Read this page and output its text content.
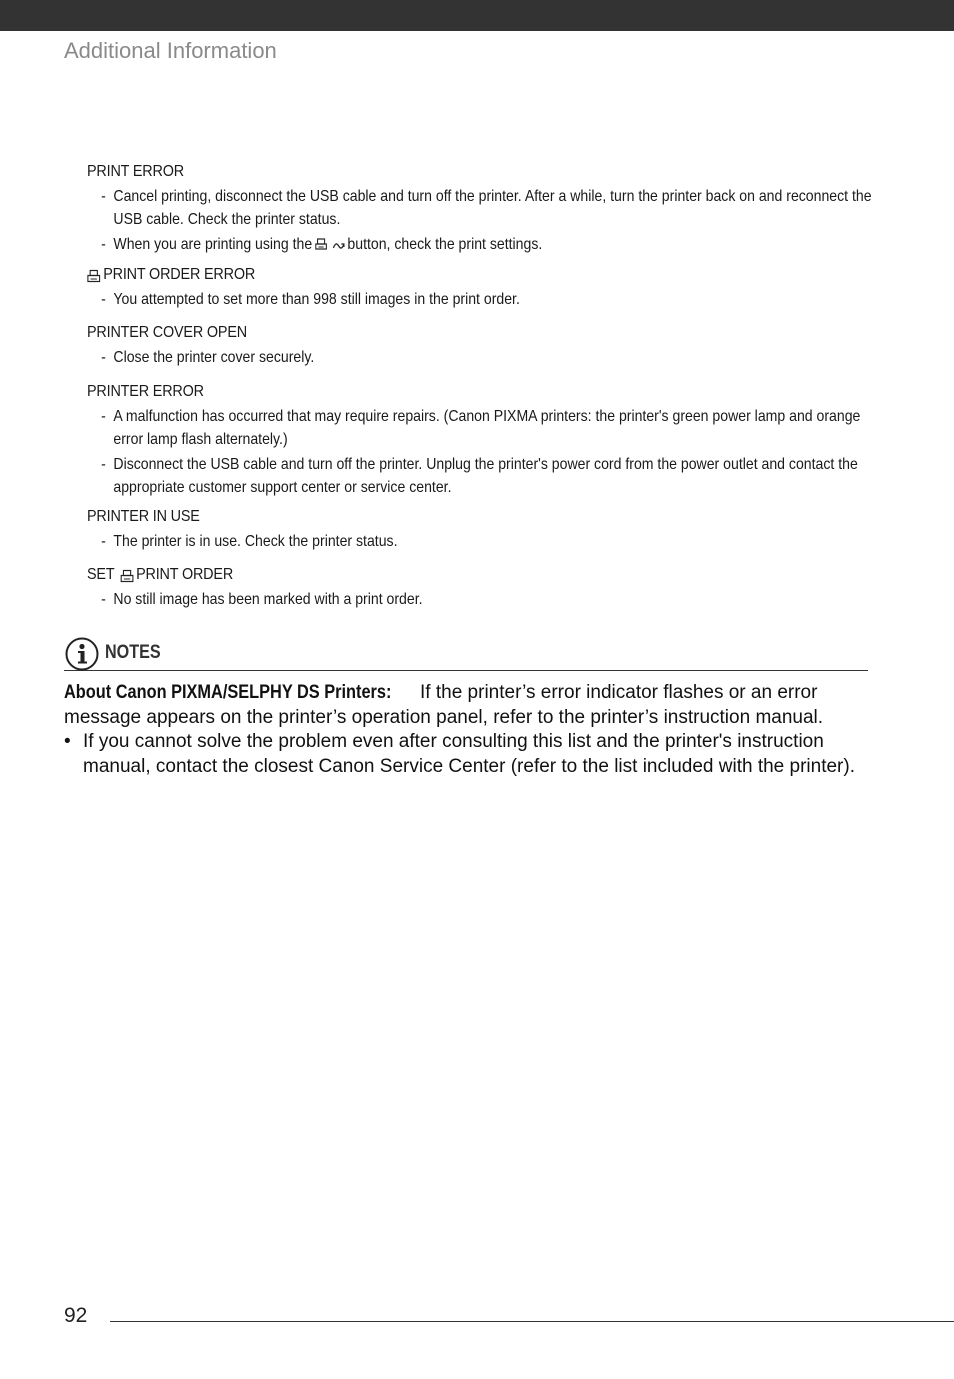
Additional Information
PRINT ERROR
- Cancel printing, disconnect the USB cable and turn off the printer. After a while, turn the printer back on and reconnect the USB cable. Check the printer status.
- When you are printing using the button, check the print settings.
PRINT ORDER ERROR
- You attempted to set more than 998 still images in the print order.
PRINTER COVER OPEN
- Close the printer cover securely.
PRINTER ERROR
- A malfunction has occurred that may require repairs. (Canon PIXMA printers: the printer's green power lamp and orange error lamp flash alternately.)
- Disconnect the USB cable and turn off the printer. Unplug the printer's power cord from the power outlet and contact the appropriate customer support center or service center.
PRINTER IN USE
- The printer is in use. Check the printer status.
SET PRINT ORDER
- No still image has been marked with a print order.
NOTES
About Canon PIXMA/SELPHY DS Printers: If the printer’s error indicator flashes or an error message appears on the printer’s operation panel, refer to the printer’s instruction manual.
• If you cannot solve the problem even after consulting this list and the printer's instruction manual, contact the closest Canon Service Center (refer to the list included with the printer).
92
